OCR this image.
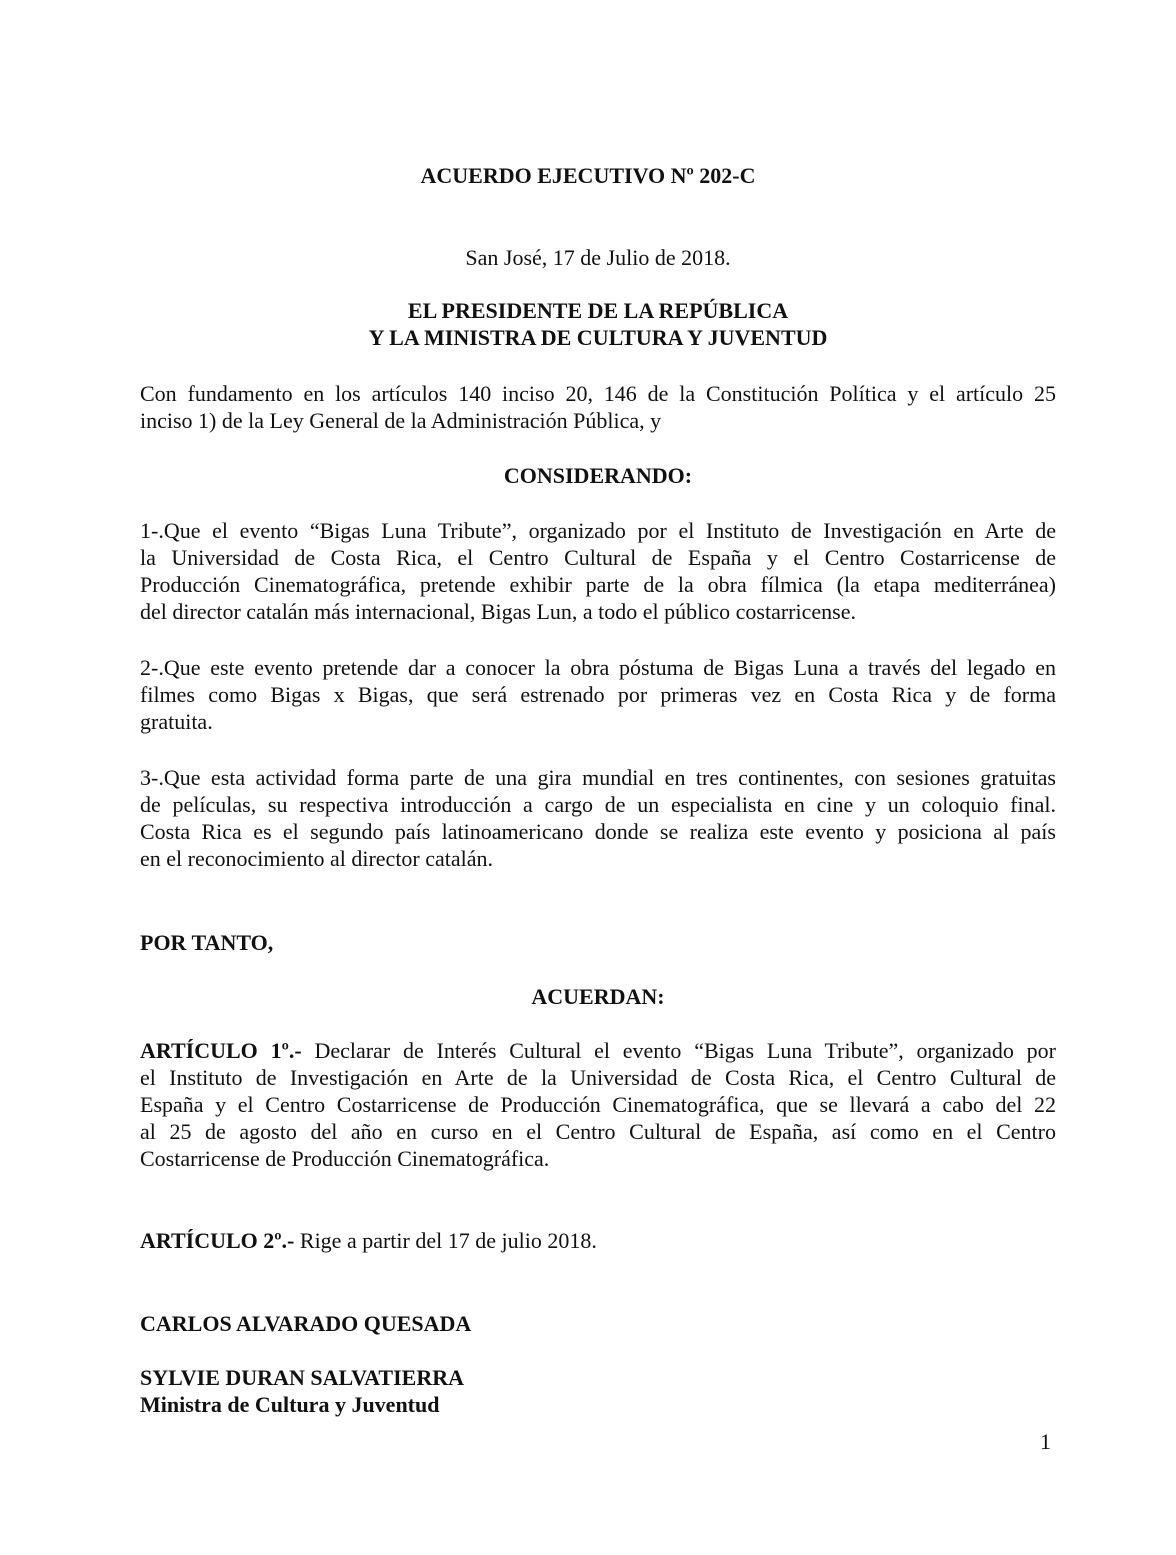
ACUERDO EJECUTIVO Nº 202-C
San José, 17 de Julio de 2018.
EL PRESIDENTE DE LA REPÚBLICA
Y LA MINISTRA DE CULTURA Y JUVENTUD
Con fundamento en los artículos 140 inciso 20, 146 de la Constitución Política y el artículo 25
inciso 1) de la Ley General de la Administración Pública, y
CONSIDERANDO:
1-.Que el evento “Bigas Luna Tribute”, organizado por el Instituto de Investigación en Arte de
la Universidad de Costa Rica, el Centro Cultural de España y el Centro Costarricense de
Producción Cinematográfica, pretende exhibir parte de la obra fílmica (la etapa mediterránea)
del director catalán más internacional, Bigas Lun, a todo el público costarricense.
2-.Que este evento pretende dar a conocer la obra póstuma de Bigas Luna a través del legado en
filmes como Bigas x Bigas, que será estrenado por primeras vez en Costa Rica y de forma
gratuita.
3-.Que esta actividad forma parte de una gira mundial en tres continentes, con sesiones gratuitas
de películas, su respectiva introducción a cargo de un especialista en cine y un coloquio final.
Costa Rica es el segundo país latinoamericano donde se realiza este evento y posiciona al país
en el reconocimiento al director catalán.
POR TANTO,
ACUERDAN:
ARTÍCULO 1º.- Declarar de Interés Cultural el evento “Bigas Luna Tribute”, organizado por
el Instituto de Investigación en Arte de la Universidad de Costa Rica, el Centro Cultural de
España y el Centro Costarricense de Producción Cinematográfica, que se llevará a cabo del 22
al 25 de agosto del año en curso en el Centro Cultural de España, así como en el Centro
Costarricense de Producción Cinematográfica.
ARTÍCULO 2º.- Rige a partir del 17 de julio 2018.
CARLOS ALVARADO QUESADA
SYLVIE DURAN SALVATIERRA
Ministra de Cultura y Juventud
1
